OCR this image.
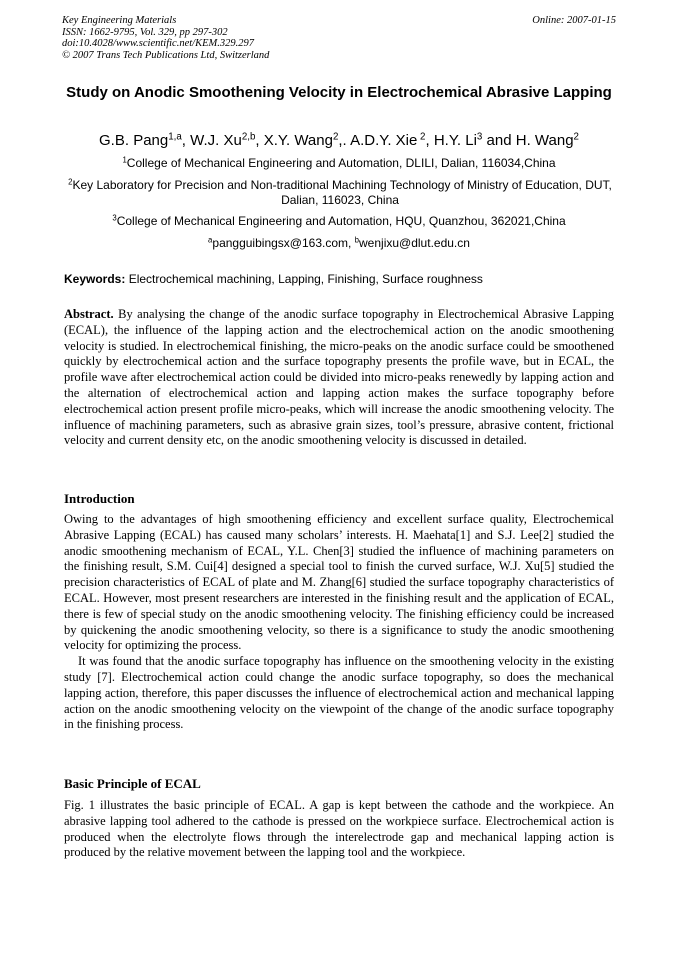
Key Engineering Materials
ISSN: 1662-9795, Vol. 329, pp 297-302
doi:10.4028/www.scientific.net/KEM.329.297
© 2007 Trans Tech Publications Ltd, Switzerland
Online: 2007-01-15
Study on Anodic Smoothening Velocity in Electrochemical Abrasive Lapping
G.B. Pang$^{1,a}$, W.J. Xu$^{2,b}$, X.Y. Wang$^2$,. A.D.Y. Xie $^2$, H.Y. Li$^3$ and H. Wang$^2$
$^1$College of Mechanical Engineering and Automation, DLILI, Dalian, 116034,China
$^2$Key Laboratory for Precision and Non-traditional Machining Technology of Ministry of Education, DUT, Dalian, 116023, China
$^3$College of Mechanical Engineering and Automation, HQU, Quanzhou, 362021,China
$^a$pangguibingsx@163.com, $^b$wenjixu@dlut.edu.cn
Keywords: Electrochemical machining, Lapping, Finishing, Surface roughness

Abstract. By analysing the change of the anodic surface topography in Electrochemical Abrasive Lapping (ECAL), the influence of the lapping action and the electrochemical action on the anodic smoothening velocity is studied. In electrochemical finishing, the micro-peaks on the anodic surface could be smoothened quickly by electrochemical action and the surface topography presents the profile wave, but in ECAL, the profile wave after electrochemical action could be divided into micro-peaks renewedly by lapping action and the alternation of electrochemical action and lapping action makes the surface topography before electrochemical action present profile micro-peaks, which will increase the anodic smoothening velocity. The influence of machining parameters, such as abrasive grain sizes, tool’s pressure, abrasive content, frictional velocity and current density etc, on the anodic smoothening velocity is discussed in detailed.

Introduction

Owing to the advantages of high smoothening efficiency and excellent surface quality, Electrochemical Abrasive Lapping (ECAL) has caused many scholars’ interests. H. Maehata[1] and S.J. Lee[2] studied the anodic smoothening mechanism of ECAL, Y.L. Chen[3] studied the influence of machining parameters on the finishing result, S.M. Cui[4] designed a special tool to finish the curved surface, W.J. Xu[5] studied the precision characteristics of ECAL of plate and M. Zhang[6] studied the surface topography characteristics of ECAL. However, most present researchers are interested in the finishing result and the application of ECAL, there is few of special study on the anodic smoothening velocity. The finishing efficiency could be increased by quickening the anodic smoothening velocity, so there is a significance to study the anodic smoothening velocity for optimizing the process.

It was found that the anodic surface topography has influence on the smoothening velocity in the existing study [7]. Electrochemical action could change the anodic surface topography, so does the mechanical lapping action, therefore, this paper discusses the influence of electrochemical action and mechanical lapping action on the anodic smoothening velocity on the viewpoint of the change of the anodic surface topography in the finishing process.

Basic Principle of ECAL

Fig. 1 illustrates the basic principle of ECAL. A gap is kept between the cathode and the workpiece. An abrasive lapping tool adhered to the cathode is pressed on the workpiece surface. Electrochemical action is produced when the electrolyte flows through the interelectrode gap and mechanical lapping action is produced by the relative movement between the lapping tool and the workpiece.
